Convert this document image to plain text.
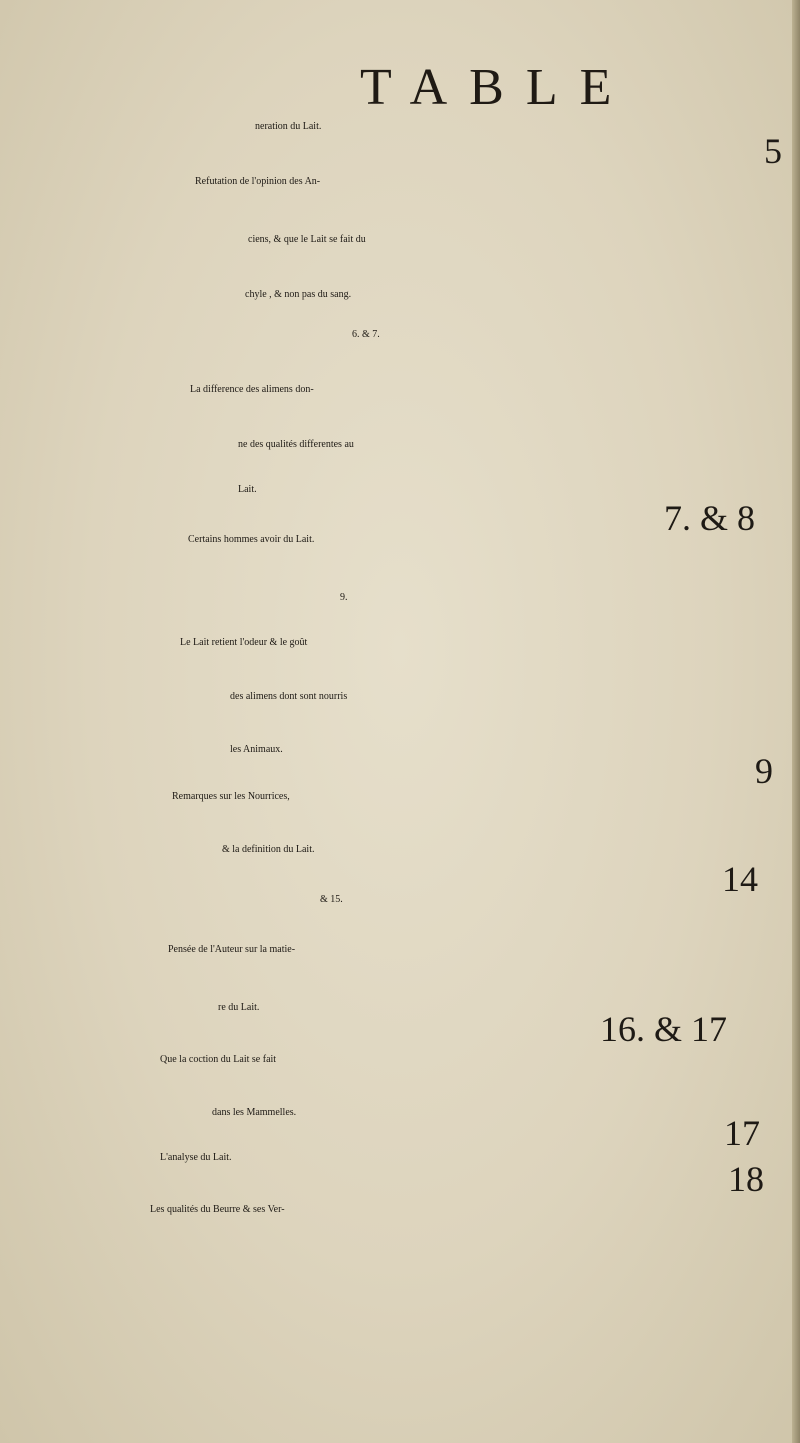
TABLE
neration du Lait.
5
Refutation de l'opinion des An-
ciens, & que le Lait se fait du
chyle , & non pas du sang.
6. & 7.
La difference des alimens don-
ne des qualités differentes au
Lait.
7. & 8
Certains hommes avoir du Lait.
9.
Le Lait retient l'odeur & le goût
des alimens dont sont nourris
les Animaux.
9
Remarques sur les Nourrices,
& la definition du Lait.
14
& 15.
Pensée de l'Auteur sur la matie-
re du Lait.
16. & 17
Que la coction du Lait se fait
dans les Mammelles.
17
L'analyse du Lait.
18
Les qualités du Beurre & ses Ver-
